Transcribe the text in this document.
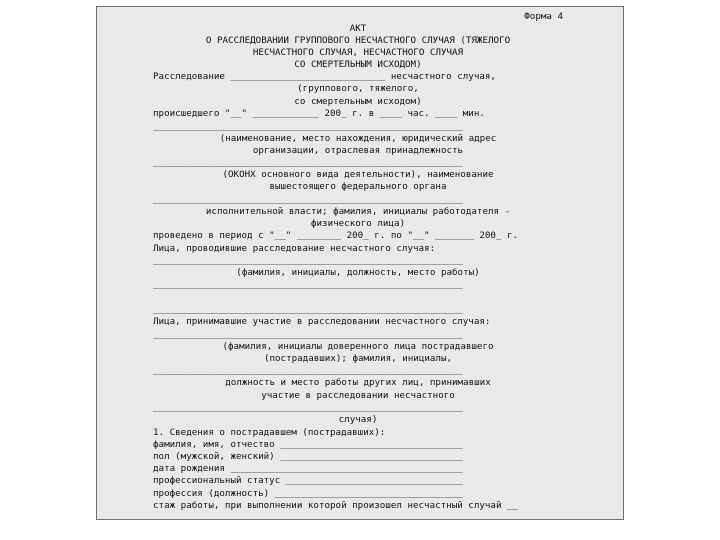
Форма 4
АКТ
О РАССЛЕДОВАНИИ ГРУППОВОГО НЕСЧАСТНОГО СЛУЧАЯ (ТЯЖЕЛОГО
НЕСЧАСТНОГО СЛУЧАЯ, НЕСЧАСТНОГО СЛУЧАЯ
СО СМЕРТЕЛЬНЫМ ИСХОДОМ)
Расследование ____________________________ несчастного случая,
(группового, тяжелого,
со смертельным исходом)
происшедшего "__" ____________ 200_ г. в ____ час. ____ мин.
________________________________________________________
(наименование, место нахождения, юридический адрес
организации, отраслевая принадлежность
________________________________________________________
(ОКОНХ основного вида деятельности), наименование
вышестоящего федерального органа
________________________________________________________
исполнительной власти; фамилия, инициалы работодателя -
физического лица)
проведено в период с "__" ________ 200_ г. по "__" _______ 200_ г.
Лица, проводившие расследование несчастного случая:
________________________________________________________
(фамилия, инициалы, должность, место работы)
________________________________________________________
________________________________________________________
Лица, принимавшие участие в расследовании несчастного случая:
________________________________________________________
(фамилия, инициалы доверенного лица пострадавшего
(пострадавших); фамилия, инициалы,
________________________________________________________
должность и место работы других лиц, принимавших
участие в расследовании несчастного
________________________________________________________
случая)
1. Сведения о пострадавшем (пострадавших):
фамилия, имя, отчество _________________________________
пол (мужской, женский) _________________________________
дата рождения __________________________________________
профессиональный статус ________________________________
профессия (должность) __________________________________
стаж работы, при выполнении которой произошел несчастный случай __
